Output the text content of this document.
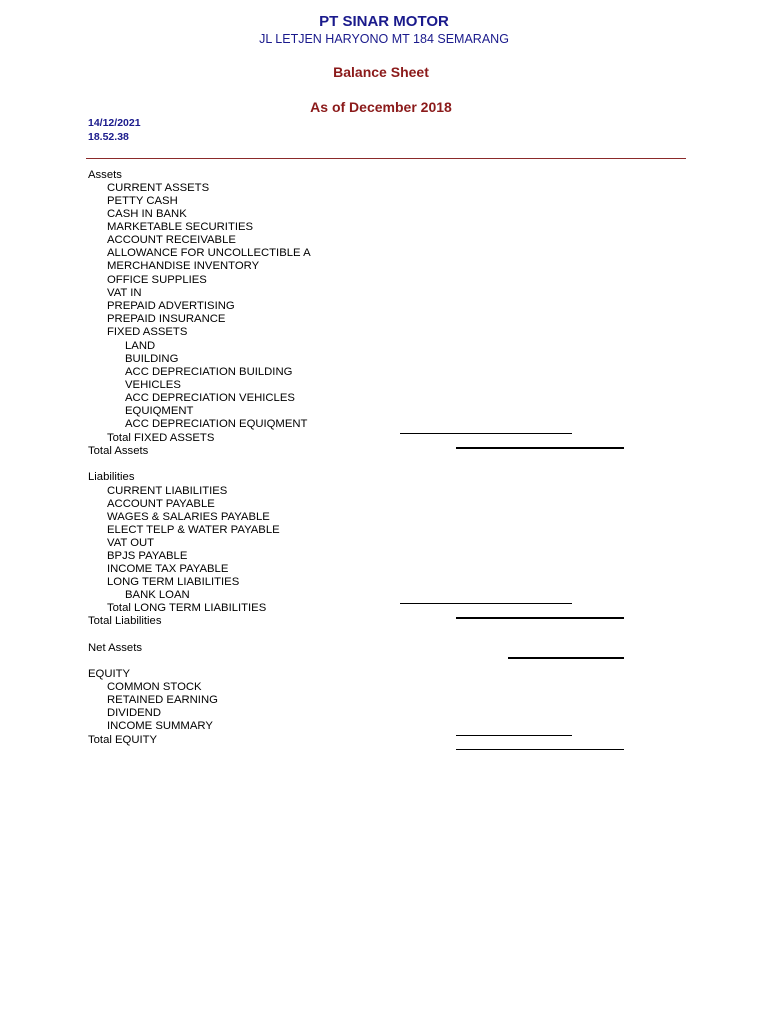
PT SINAR MOTOR
JL LETJEN HARYONO MT 184 SEMARANG
Balance Sheet
As of December 2018
14/12/2021
18.52.38
Assets
CURRENT ASSETS
PETTY CASH
CASH IN BANK
MARKETABLE SECURITIES
ACCOUNT RECEIVABLE
ALLOWANCE FOR UNCOLLECTIBLE A
MERCHANDISE INVENTORY
OFFICE SUPPLIES
VAT IN
PREPAID ADVERTISING
PREPAID INSURANCE
FIXED ASSETS
LAND
BUILDING
ACC DEPRECIATION BUILDING
VEHICLES
ACC DEPRECIATION VEHICLES
EQUIQMENT
ACC DEPRECIATION EQUIQMENT
Total FIXED ASSETS
Total Assets
Liabilities
CURRENT LIABILITIES
ACCOUNT PAYABLE
WAGES & SALARIES PAYABLE
ELECT TELP & WATER PAYABLE
VAT OUT
BPJS PAYABLE
INCOME TAX PAYABLE
LONG TERM LIABILITIES
BANK LOAN
Total LONG TERM LIABILITIES
Total Liabilities
Net Assets
EQUITY
COMMON STOCK
RETAINED EARNING
DIVIDEND
INCOME SUMMARY
Total EQUITY
